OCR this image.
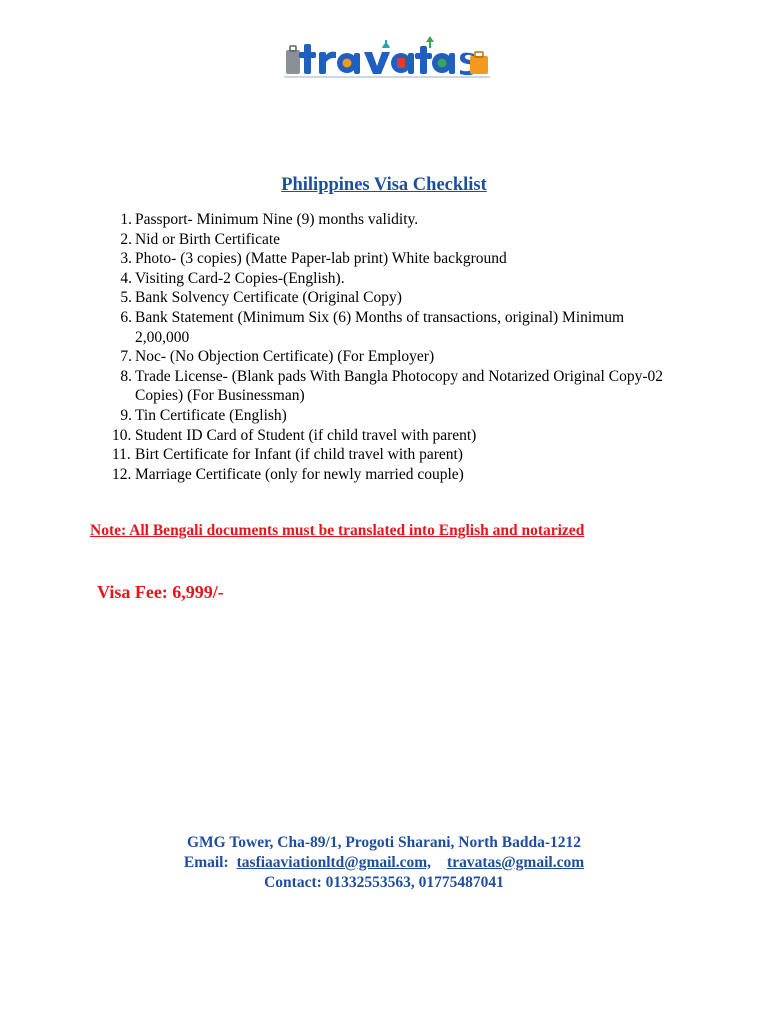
Philippines Visa Checklist
1. Passport- Minimum Nine (9) months validity.
2. Nid or Birth Certificate
3. Photo- (3 copies) (Matte Paper-lab print) White background
4. Visiting Card-2 Copies-(English).
5. Bank Solvency Certificate (Original Copy)
6. Bank Statement (Minimum Six (6) Months of transactions, original) Minimum 2,00,000
7. Noc- (No Objection Certificate) (For Employer)
8. Trade License- (Blank pads With Bangla Photocopy and Notarized Original Copy-02 Copies) (For Businessman)
9. Tin Certificate (English)
10. Student ID Card of Student (if child travel with parent)
11. Birt Certificate for Infant (if child travel with parent)
12. Marriage Certificate (only for newly married couple)

Note: All Bengali documents must be translated into English and notarized

Visa Fee: 6,999/-

GMG Tower, Cha-89/1, Progoti Sharani, North Badda-1212
Email: tasfiaaviationltd@gmail.com, travatas@gmail.com
Contact: 01332553563, 01775487041
